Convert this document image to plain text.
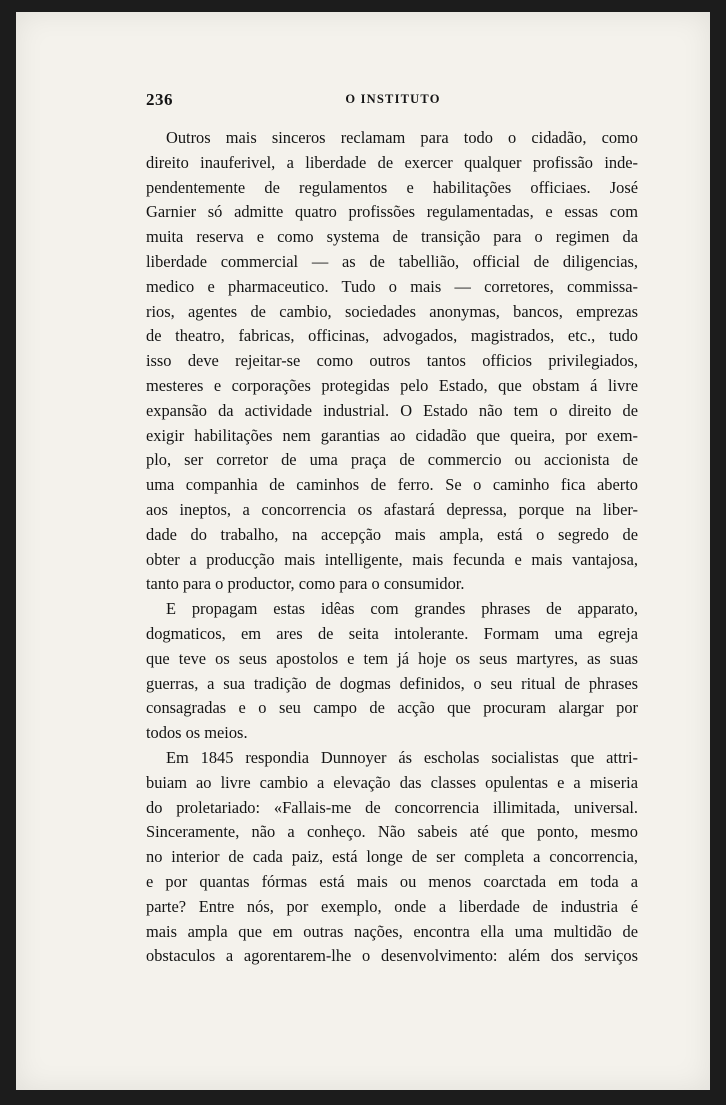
236	O INSTITUTO
Outros mais sinceros reclamam para todo o cidadão, como
direito inauferivel, a liberdade de exercer qualquer profissão inde-
pendentemente de regulamentos e habilitações officiaes. José
Garnier só admitte quatro profissões regulamentadas, e essas com
muita reserva e como systema de transição para o regimen da
liberdade commercial — as de tabellião, official de diligencias,
medico e pharmaceutico. Tudo o mais — corretores, commissa-
rios, agentes de cambio, sociedades anonymas, bancos, emprezas
de theatro, fabricas, officinas, advogados, magistrados, etc., tudo
isso deve rejeitar-se como outros tantos officios privilegiados,
mesteres e corporações protegidas pelo Estado, que obstam á livre
expansão da actividade industrial. O Estado não tem o direito de
exigir habilitações nem garantias ao cidadão que queira, por exem-
plo, ser corretor de uma praça de commercio ou accionista de
uma companhia de caminhos de ferro. Se o caminho fica aberto
aos ineptos, a concorrencia os afastará depressa, porque na liber-
dade do trabalho, na accepção mais ampla, está o segredo de
obter a producção mais intelligente, mais fecunda e mais vantajosa,
tanto para o productor, como para o consumidor.
E propagam estas idêas com grandes phrases de apparato,
dogmaticos, em ares de seita intolerante. Formam uma egreja
que teve os seus apostolos e tem já hoje os seus martyres, as suas
guerras, a sua tradição de dogmas definidos, o seu ritual de phrases
consagradas e o seu campo de acção que procuram alargar por
todos os meios.
Em 1845 respondia Dunnoyer ás escholas socialistas que attri-
buiam ao livre cambio a elevação das classes opulentas e a miseria
do proletariado: «Fallais-me de concorrencia illimitada, universal.
Sinceramente, não a conheço. Não sabeis até que ponto, mesmo
no interior de cada paiz, está longe de ser completa a concorrencia,
e por quantas fórmas está mais ou menos coarctada em toda a
parte? Entre nós, por exemplo, onde a liberdade de industria é
mais ampla que em outras nações, encontra ella uma multidão de
obstaculos a agorentarem-lhe o desenvolvimento: além dos serviços
